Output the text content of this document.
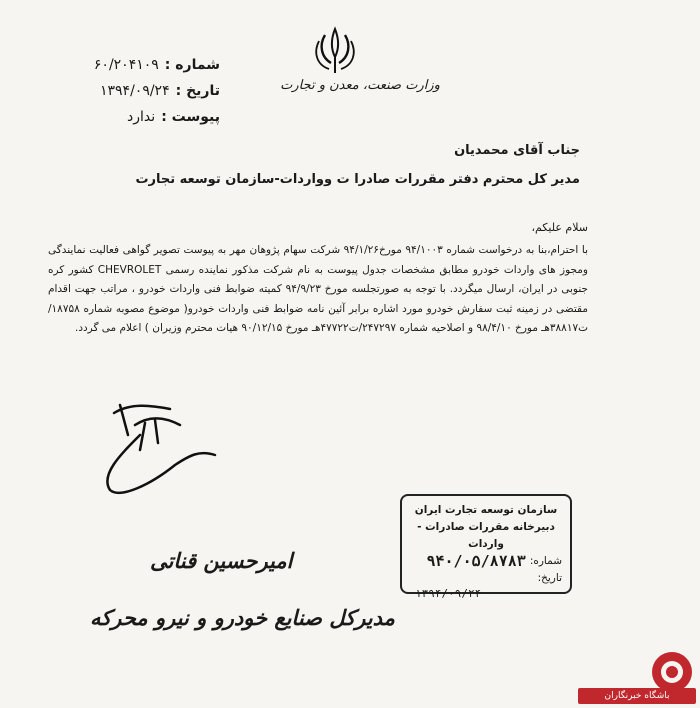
وزارت صنعت، معدن و تجارت
شماره :
۶۰/۲۰۴۱۰۹
تاریخ :
۱۳۹۴/۰۹/۲۴
پیوست :
ندارد
جناب آقای محمدیان
مدیر کل محترم دفتر مقررات صادرا ت وواردات-سازمان توسعه تجارت
سلام علیکم،

با احترام،بنا به درخواست شماره ۹۴/۱۰۰۳ مورخ۹۴/۱/۲۶ شرکت سهام پژوهان مهر به پیوست تصویر گواهی فعالیت نمایندگی ومجوز های واردات خودرو مطابق مشخصات جدول پیوست به نام شرکت مذکور نماینده رسمی CHEVROLET کشور کره جنوبی در ایران، ارسال میگردد. با توجه به صورتجلسه مورخ ۹۴/۹/۲۳ کمیته ضوابط فنی واردات خودرو ، مراتب جهت اقدام مقتضی در زمینه ثبت سفارش خودرو مورد اشاره برابر آئین نامه ضوابط فنی واردات خودرو( موضوع مصوبه شماره ۱۸۷۵۸/ت۳۸۸۱۷هـ مورخ ۹۸/۴/۱۰ و اصلاحیه شماره ۲۴۷۲۹۷/ت۴۷۷۲۲هـ مورخ ۹۰/۱۲/۱۵ هیات محترم وزیران ) اعلام می گردد.

امیرحسین قناتی
مدیرکل صنایع خودرو و نیرو محرکه
سازمان توسعه تجارت ایران
دبیرخانه مقررات صادرات - واردات
شماره:
۹۴۰/۰۵/۸۷۸۳
تاریخ:
۱۳۹۴/۰۹/۲۴
باشگاه خبرنگاران
